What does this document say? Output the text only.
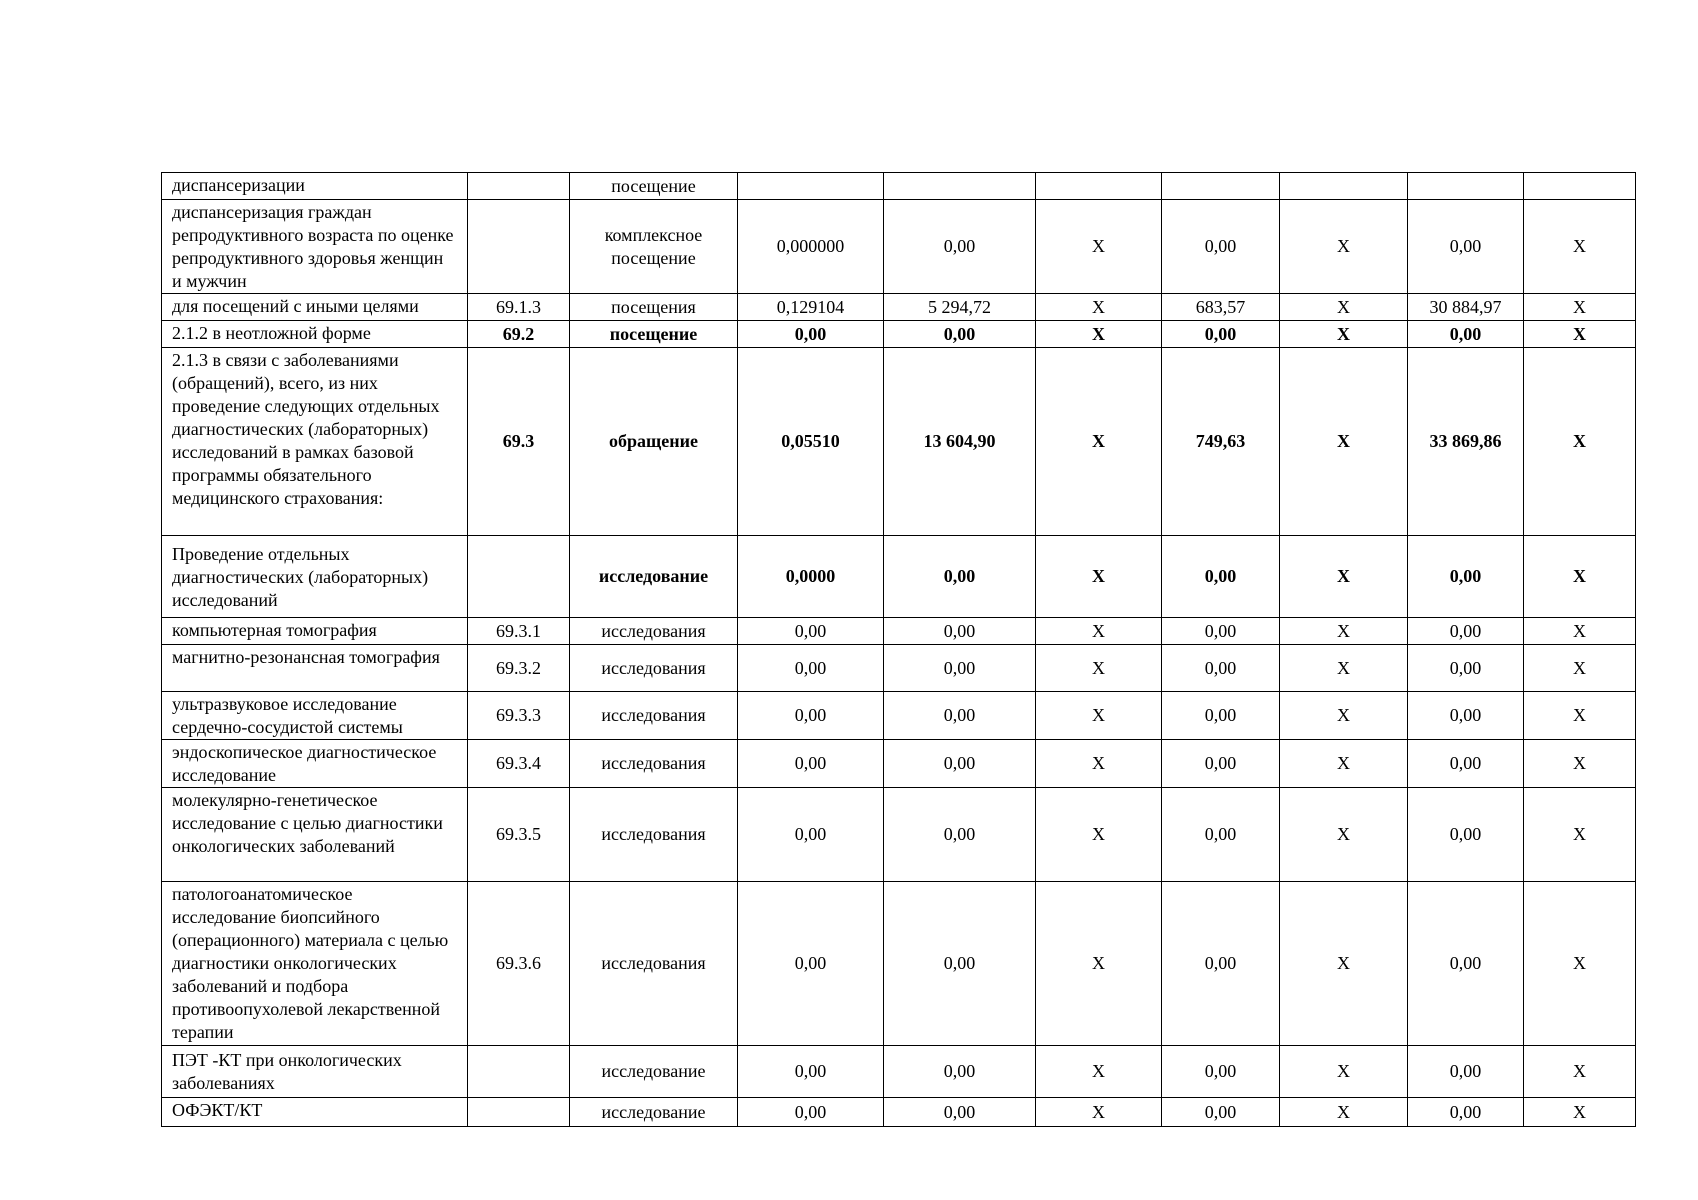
диспансеризации		посещение							
диспансеризация граждан репродуктивного возраста по оценке репродуктивного здоровья женщин и мужчин		комплексное посещение	0,000000	0,00	X	0,00	X	0,00	X
для посещений с иными целями	69.1.3	посещения	0,129104	5 294,72	X	683,57	X	30 884,97	X
2.1.2 в неотложной форме	69.2	посещение	0,00	0,00	X	0,00	X	0,00	X
2.1.3 в связи с заболеваниями (обращений), всего, из них проведение следующих отдельных диагностических (лабораторных) исследований в рамках базовой программы обязательного медицинского страхования:	69.3	обращение	0,05510	13 604,90	X	749,63	X	33 869,86	X
Проведение отдельных диагностических (лабораторных) исследований		исследование	0,0000	0,00	X	0,00	X	0,00	X
компьютерная томография	69.3.1	исследования	0,00	0,00	X	0,00	X	0,00	X
магнитно-резонансная томография	69.3.2	исследования	0,00	0,00	X	0,00	X	0,00	X
ультразвуковое исследование сердечно-сосудистой системы	69.3.3	исследования	0,00	0,00	X	0,00	X	0,00	X
эндоскопическое диагностическое исследование	69.3.4	исследования	0,00	0,00	X	0,00	X	0,00	X
молекулярно-генетическое исследование с целью диагностики онкологических заболеваний	69.3.5	исследования	0,00	0,00	X	0,00	X	0,00	X
патологоанатомическое исследование биопсийного (операционного) материала с целью диагностики онкологических заболеваний и подбора противоопухолевой лекарственной терапии	69.3.6	исследования	0,00	0,00	X	0,00	X	0,00	X
ПЭТ -КТ при онкологических заболеваниях		исследование	0,00	0,00	X	0,00	X	0,00	X
ОФЭКТ/КТ		исследование	0,00	0,00	X	0,00	X	0,00	X
